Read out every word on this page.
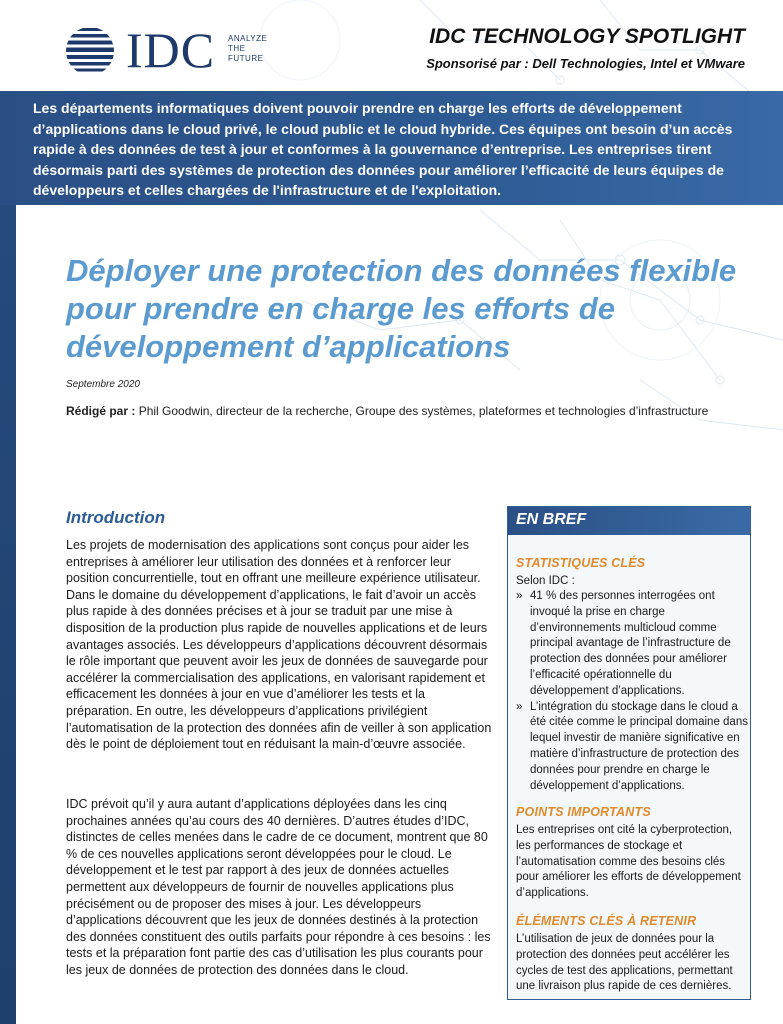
IDC ANALYZE
THE
FUTURE
IDC TECHNOLOGY SPOTLIGHT
Sponsorisé par : Dell Technologies, Intel et VMware
Les départements informatiques doivent pouvoir prendre en charge les efforts de développement d’applications dans le cloud privé, le cloud public et le cloud hybride. Ces équipes ont besoin d’un accès rapide à des données de test à jour et conformes à la gouvernance d’entreprise. Les entreprises tirent désormais parti des systèmes de protection des données pour améliorer l’efficacité de leurs équipes de développeurs et celles chargées de l'infrastructure et de l'exploitation.
Déployer une protection des données flexible pour prendre en charge les efforts de développement d’applications
Septembre 2020
Rédigé par : Phil Goodwin, directeur de la recherche, Groupe des systèmes, plateformes et technologies d’infrastructure
Introduction

Les projets de modernisation des applications sont conçus pour aider les entreprises à améliorer leur utilisation des données et à renforcer leur position concurrentielle, tout en offrant une meilleure expérience utilisateur. Dans le domaine du développement d’applications, le fait d’avoir un accès plus rapide à des données précises et à jour se traduit par une mise à disposition de la production plus rapide de nouvelles applications et de leurs avantages associés. Les développeurs d’applications découvrent désormais le rôle important que peuvent avoir les jeux de données de sauvegarde pour accélérer la commercialisation des applications, en valorisant rapidement et efficacement les données à jour en vue d’améliorer les tests et la préparation. En outre, les développeurs d’applications privilégient l’automatisation de la protection des données afin de veiller à son application dès le point de déploiement tout en réduisant la main-d’œuvre associée.

IDC prévoit qu’il y aura autant d’applications déployées dans les cinq prochaines années qu’au cours des 40 dernières. D’autres études d’IDC, distinctes de celles menées dans le cadre de ce document, montrent que 80 % de ces nouvelles applications seront développées pour le cloud. Le développement et le test par rapport à des jeux de données actuelles permettent aux développeurs de fournir de nouvelles applications plus précisément ou de proposer des mises à jour. Les développeurs d’applications découvrent que les jeux de données destinés à la protection des données constituent des outils parfaits pour répondre à ces besoins : les tests et la préparation font partie des cas d’utilisation les plus courants pour les jeux de données de protection des données dans le cloud.

EN BREF
STATISTIQUES CLÉS
Selon IDC :
» 41 % des personnes interrogées ont invoqué la prise en charge d’environnements multicloud comme principal avantage de l’infrastructure de protection des données pour améliorer l’efficacité opérationnelle du développement d’applications.
» L’intégration du stockage dans le cloud a été citée comme le principal domaine dans lequel investir de manière significative en matière d’infrastructure de protection des données pour prendre en charge le développement d’applications.
POINTS IMPORTANTS

Les entreprises ont cité la cyberprotection, les performances de stockage et l’automatisation comme des besoins clés pour améliorer les efforts de développement d’applications.

ÉLÉMENTS CLÉS À RETENIR

L’utilisation de jeux de données pour la protection des données peut accélérer les cycles de test des applications, permettant une livraison plus rapide de ces dernières.
